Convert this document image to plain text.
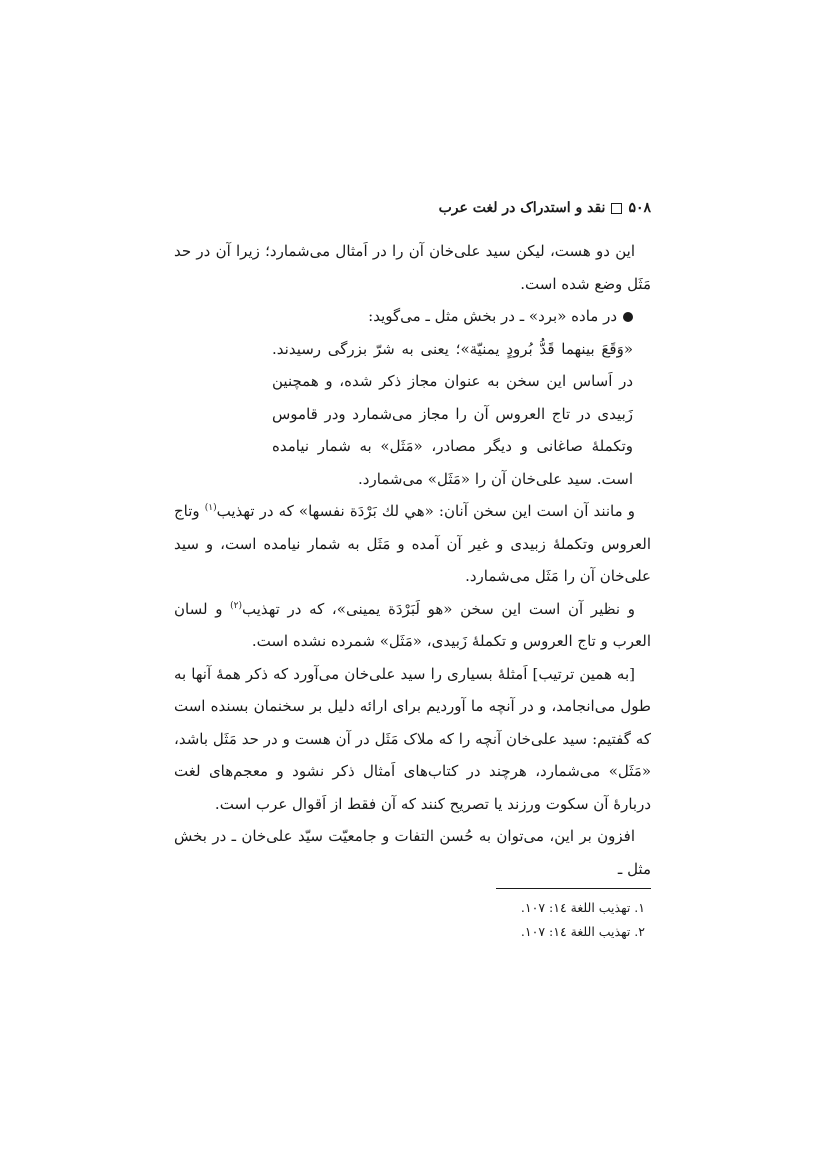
۵۰۸
نقد و استدراک در لغت عرب

این دو هست، لیکن سید علی‌خان آن را در اَمثال می‌شمارد؛ زیرا آن در حد مَثَل وضع شده است.

در ماده «برد» ـ در بخش مثل ـ می‌گوید:

«وَقَعَ بینهما قَدُّ بُرودٍ یمنیّة»؛ یعنی به شرّ بزرگی رسیدند. در اَساس این سخن به عنوان مجاز ذکر شده، و همچنین زَبیدی در تاج العروس آن را مجاز می‌شمارد ودر قاموس وتکملهٔ صاغانی و دیگر مصادر، «مَثَل» به شمار نیامده است. سید علی‌خان آن را «مَثَل» می‌شمارد.

و مانند آن است این سخن آنان: «هي لك بَرْدَة نفسها» که در تهذیب$^{(۱)}$ وتاج العروس وتکملهٔ زبیدی و غیر آن آمده و مَثَل به شمار نیامده است، و سید علی‌خان آن را مَثَل می‌شمارد.

و نظیر آن است این سخن «هو لَبَرْدَة یمینی»، که در تهذیب$^{(۲)}$ و لسان العرب و تاج العروس و تکملهٔ زَبیدی، «مَثَل» شمرده نشده است.

[به همین ترتیب] اَمثلهٔ بسیاری را سید علی‌خان می‌آورد که ذکر همهٔ آنها به طول می‌انجامد، و در آنچه ما آوردیم برای ارائه دلیل بر سخنمان بسنده است که گفتیم: سید علی‌خان آنچه را که ملاک مَثَل در آن هست و در حد مَثَل باشد، «مَثَل» می‌شمارد، هرچند در کتاب‌های اَمثال ذکر نشود و معجم‌های لغت دربارهٔ آن سکوت ورزند یا تصریح کنند که آن فقط از اَقوال عرب است.

افزون بر این، می‌توان به حُسن التفات و جامعیّت سیّد علی‌خان ـ در بخش مثل ـ

۱. تهذیب اللغة ۱٤: ۱۰۷.

۲. تهذیب اللغة ۱٤: ۱۰۷.
